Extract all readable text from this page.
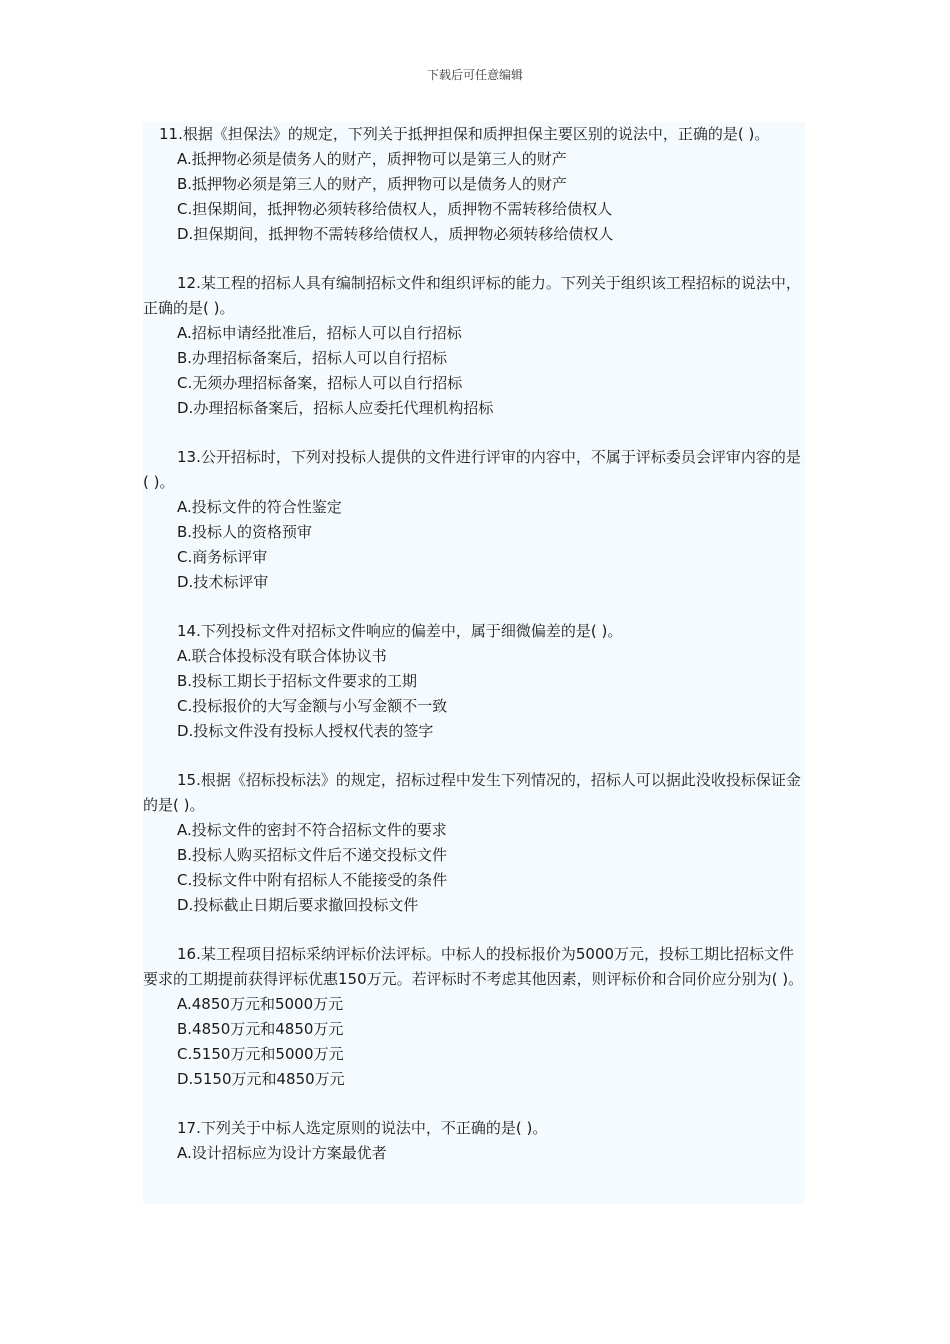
下载后可任意编辑

11.根据《担保法》的规定，下列关于抵押担保和质押担保主要区别的说法中，正确的是( )。

A.抵押物必须是债务人的财产，质押物可以是第三人的财产
B.抵押物必须是第三人的财产，质押物可以是债务人的财产
C.担保期间，抵押物必须转移给债权人，质押物不需转移给债权人
D.担保期间，抵押物不需转移给债权人，质押物必须转移给债权人

12.某工程的招标人具有编制招标文件和组织评标的能力。下列关于组织该工程招标的说法中，正确的是( )。

A.招标申请经批准后，招标人可以自行招标
B.办理招标备案后，招标人可以自行招标
C.无须办理招标备案，招标人可以自行招标
D.办理招标备案后，招标人应委托代理机构招标

13.公开招标时，下列对投标人提供的文件进行评审的内容中，不属于评标委员会评审内容的是( )。

A.投标文件的符合性鉴定
B.投标人的资格预审
C.商务标评审
D.技术标评审

14.下列投标文件对招标文件响应的偏差中，属于细微偏差的是( )。

A.联合体投标没有联合体协议书
B.投标工期长于招标文件要求的工期
C.投标报价的大写金额与小写金额不一致
D.投标文件没有投标人授权代表的签字

15.根据《招标投标法》的规定，招标过程中发生下列情况的，招标人可以据此没收投标保证金的是( )。

A.投标文件的密封不符合招标文件的要求
B.投标人购买招标文件后不递交投标文件
C.投标文件中附有招标人不能接受的条件
D.投标截止日期后要求撤回投标文件

16.某工程项目招标采纳评标价法评标。中标人的投标报价为5000万元，投标工期比招标文件要求的工期提前获得评标优惠150万元。若评标时不考虑其他因素，则评标价和合同价应分别为( )。

A.4850万元和5000万元
B.4850万元和4850万元
C.5150万元和5000万元
D.5150万元和4850万元

17.下列关于中标人选定原则的说法中，不正确的是( )。

A.设计招标应为设计方案最优者
